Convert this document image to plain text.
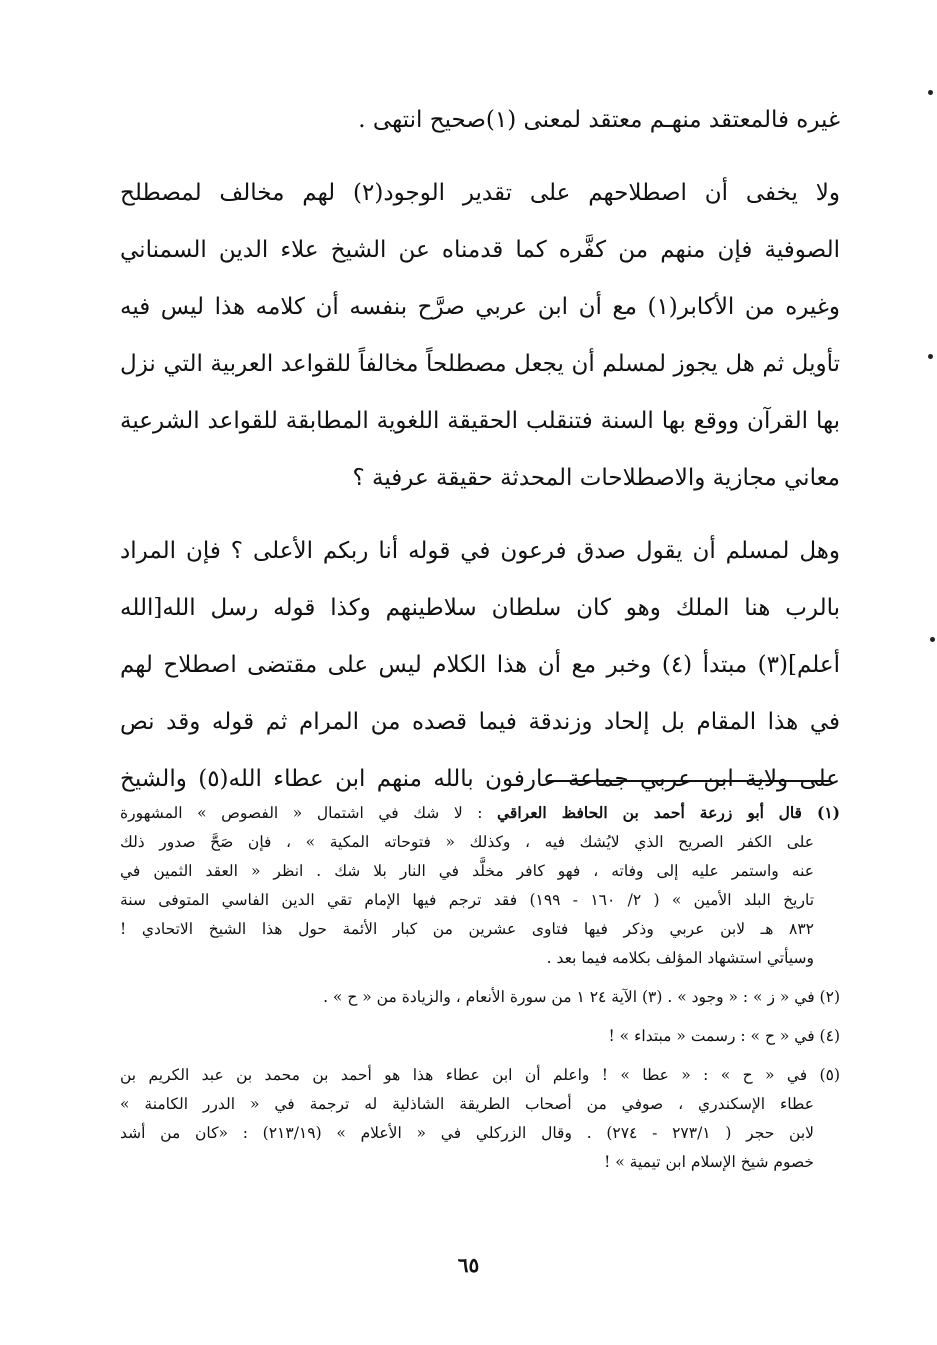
غيره فالمعتقد منهـم معتقد لمعنى (١)صحيح انتهى .
ولا يخفى أن اصطلاحهم على تقدير الوجود(٢) لهم مخالف لمصطلح
الصوفية فإن منهم من كفَّره كما قدمناه عن الشيخ علاء الدين السمناني
وغيره من الأكابر(١) مع أن ابن عربي صرَّح بنفسه أن كلامه هذا ليس فيه
تأويل ثم هل يجوز لمسلم أن يجعل مصطلحاً مخالفاً للقواعد العربية التي نزل
بها القرآن ووقع بها السنة فتنقلب الحقيقة اللغوية المطابقة للقواعد الشرعية
معاني مجازية والاصطلاحات المحدثة حقيقة عرفية ؟
وهل لمسلم أن يقول صدق فرعون في قوله أنا ربكم الأعلى ؟ فإن المراد
بالرب هنا الملك وهو كان سلطان سلاطينهم وكذا قوله رسل الله[الله
أعلم](٣) مبتدأ (٤) وخبر مع أن هذا الكلام ليس على مقتضى اصطلاح لهم
في هذا المقام بل إلحاد وزندقة فيما قصده من المرام ثم قوله وقد نص
على ولاية ابن عربي جماعة عارفون بالله منهم ابن عطاء الله(٥) والشيخ
(١) قال أبو زرعة أحمد بن الحافظ العراقي : لا شك في اشتمال « الفصوص » المشهورة
على الكفر الصريح الذي لايُشك فيه ، وكذلك « فتوحاته المكية » ، فإن صَحَّ صدور ذلك
عنه واستمر عليه إلى وفاته ، فهو كافر مخلَّد في النار بلا شك . انظر « العقد الثمين في
تاريخ البلد الأمين » ( ٢/ ١٦٠ - ١٩٩) فقد ترجم فيها الإمام تقي الدين الفاسي المتوفى سنة
٨٣٢ هـ لابن عربي وذكر فيها فتاوى عشرين من كبار الأئمة حول هذا الشيخ الاتحادي !
وسيأتي استشهاد المؤلف بكلامه فيما بعد .
(٢) في « ز » : « وجود » . (٣) الآية ٢٤ ١ من سورة الأنعام ، والزيادة من « ح » .
(٤) في « ح » : رسمت « مبتداء » !
(٥) في « ح » : « عطا » ! واعلم أن ابن عطاء هذا هو أحمد بن محمد بن عبد الكريم بن
عطاء الإسكندري ، صوفي من أصحاب الطريقة الشاذلية له ترجمة في « الدرر الكامنة »
لابن حجر ( ٢٧٣/١ - ٢٧٤) . وقال الزركلي في « الأعلام » (٢١٣/١٩) : «كان من أشد
خصوم شيخ الإسلام ابن تيمية » !
٦٥
